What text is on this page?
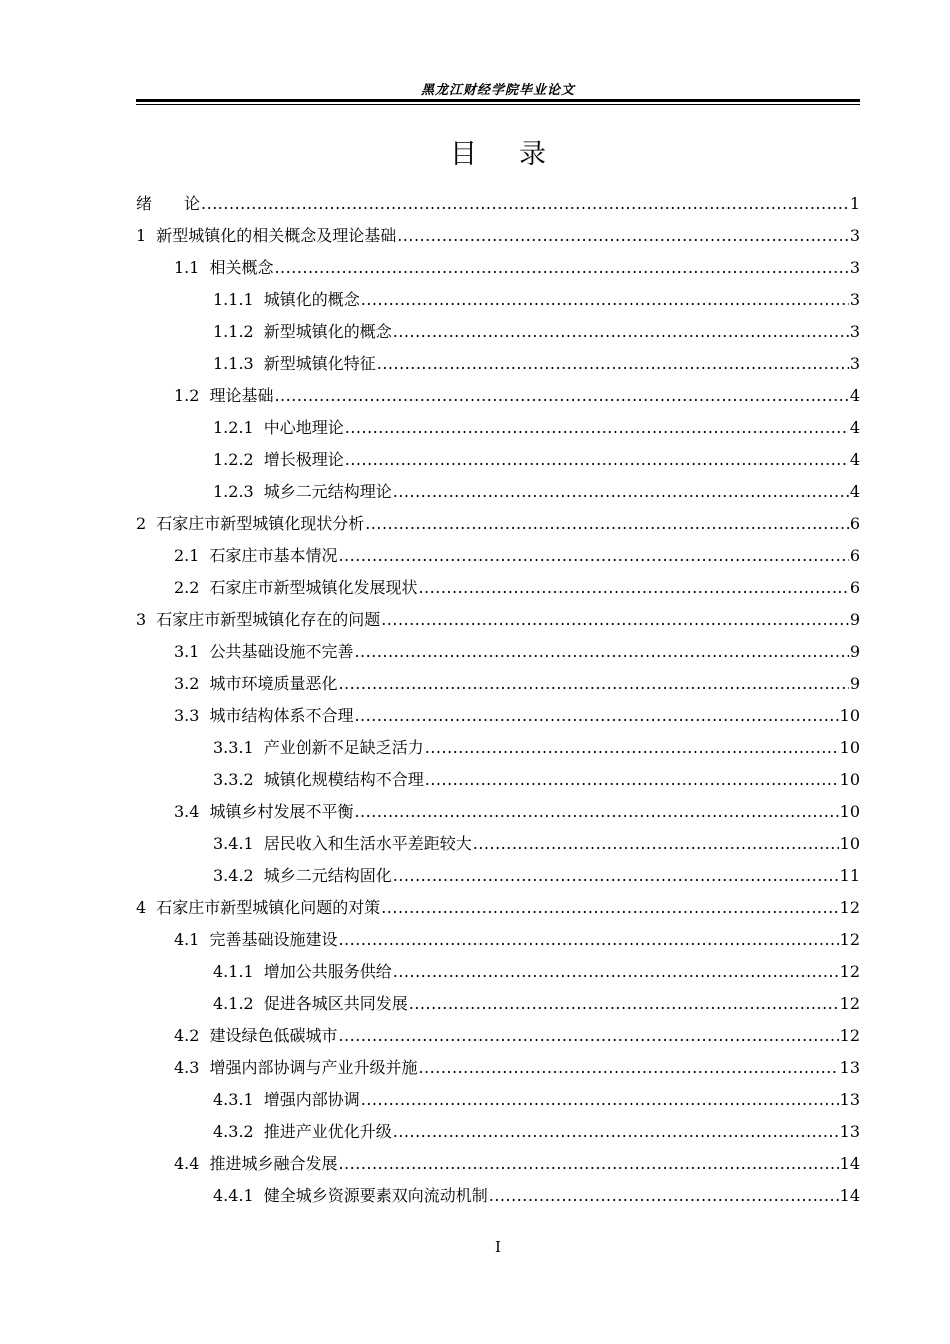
黑龙江财经学院毕业论文
目录
绪　　论 .....	1
1 新型城镇化的相关概念及理论基础 .....	3
1.1 相关概念 .....	3
1.1.1 城镇化的概念 .....	3
1.1.2 新型城镇化的概念 .....	3
1.1.3 新型城镇化特征 .....	3
1.2 理论基础 .....	4
1.2.1 中心地理论 .....	4
1.2.2 增长极理论 .....	4
1.2.3 城乡二元结构理论 .....	4
2 石家庄市新型城镇化现状分析 .....	6
2.1 石家庄市基本情况 .....	6
2.2 石家庄市新型城镇化发展现状 .....	6
3 石家庄市新型城镇化存在的问题 .....	9
3.1 公共基础设施不完善 .....	9
3.2 城市环境质量恶化 .....	9
3.3 城市结构体系不合理 .....	10
3.3.1 产业创新不足缺乏活力 .....	10
3.3.2 城镇化规模结构不合理 .....	10
3.4 城镇乡村发展不平衡 .....	10
3.4.1 居民收入和生活水平差距较大 .....	10
3.4.2 城乡二元结构固化 .....	11
4 石家庄市新型城镇化问题的对策 .....	12
4.1 完善基础设施建设 .....	12
4.1.1 增加公共服务供给 .....	12
4.1.2 促进各城区共同发展 .....	12
4.2 建设绿色低碳城市 .....	12
4.3 增强内部协调与产业升级并施 .....	13
4.3.1 增强内部协调 .....	13
4.3.2 推进产业优化升级 .....	13
4.4 推进城乡融合发展 .....	14
4.4.1 健全城乡资源要素双向流动机制 .....	14
I
